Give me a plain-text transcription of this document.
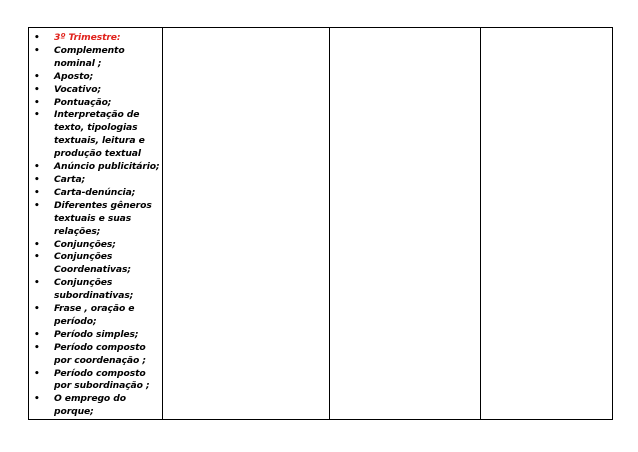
• 3º Trimestre:
• Complemento nominal ;
• Aposto;
• Vocativo;
• Pontuação;
• Interpretação de texto, tipologias textuais, leitura e produção textual
• Anúncio publicitário;
• Carta;
• Carta-denúncia;
• Diferentes gêneros textuais e suas relações;
• Conjunções;
• Conjunções Coordenativas;
• Conjunções subordinativas;
• Frase , oração e período;
• Período simples;
• Período composto por coordenação ;
• Período composto por subordinação ;
• O emprego do porque;
